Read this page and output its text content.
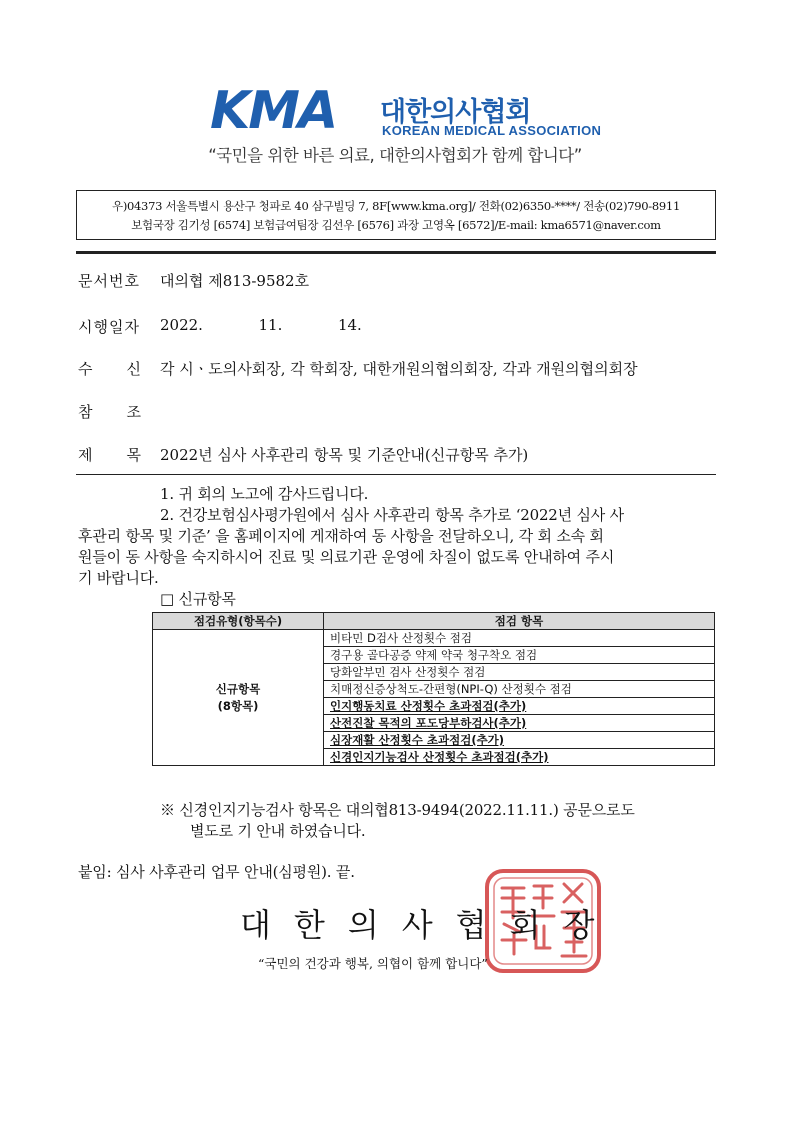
KMA 대한의사협회
KOREAN MEDICAL ASSOCIATION
“국민을 위한 바른 의료, 대한의사협회가 함께 합니다”
우)04373 서울특별시 용산구 청파로 40 삼구빌딩 7, 8F[www.kma.org]/ 전화(02)6350-****/ 전송(02)790-8911
보험국장 김기성 [6574] 보험급여팀장 김선우 [6576] 과장 고영옥 [6572]/E-mail: kma6571@naver.com
문서번호 대의협 제813-9582호
시행일자 2022.	11.	14.
수 신 각 시ㆍ도의사회장, 각 학회장, 대한개원의협의회장, 각과 개원의협의회장
참 조
제 목 2022년 심사 사후관리 항목 및 기준안내(신규항목 추가)
1. 귀 회의 노고에 감사드립니다.
2. 건강보험심사평가원에서 심사 사후관리 항목 추가로 ‘2022년 심사 사
후관리 항목 및 기준’ 을 홈페이지에 게재하여 동 사항을 전달하오니, 각 회 소속 회
원들이 동 사항을 숙지하시어 진료 및 의료기관 운영에 차질이 없도록 안내하여 주시
기 바랍니다.
□ 신규항목
점검유형(항목수)	점검 항목

신규항목
(8항목)	비타민 D검사 산정횟수 점검
	경구용 골다공증 약제 약국 청구착오 점검
	당화알부민 검사 산정횟수 점검
	치매정신증상척도-간편형(NPI-Q) 산정횟수 점검
	인지행동치료 산정횟수 초과점검(추가)
	산전진찰 목적의 포도당부하검사(추가)
	심장재활 산정횟수 초과점검(추가)
	신경인지기능검사 산정횟수 초과점검(추가)
※ 신경인지기능검사 항목은 대의협813-9494(2022.11.11.) 공문으로도
별도로 기 안내 하였습니다.
붙임: 심사 사후관리 업무 안내(심평원). 끝.
대한의사협회장
“국민의 건강과 행복, 의협이 함께 합니다”
